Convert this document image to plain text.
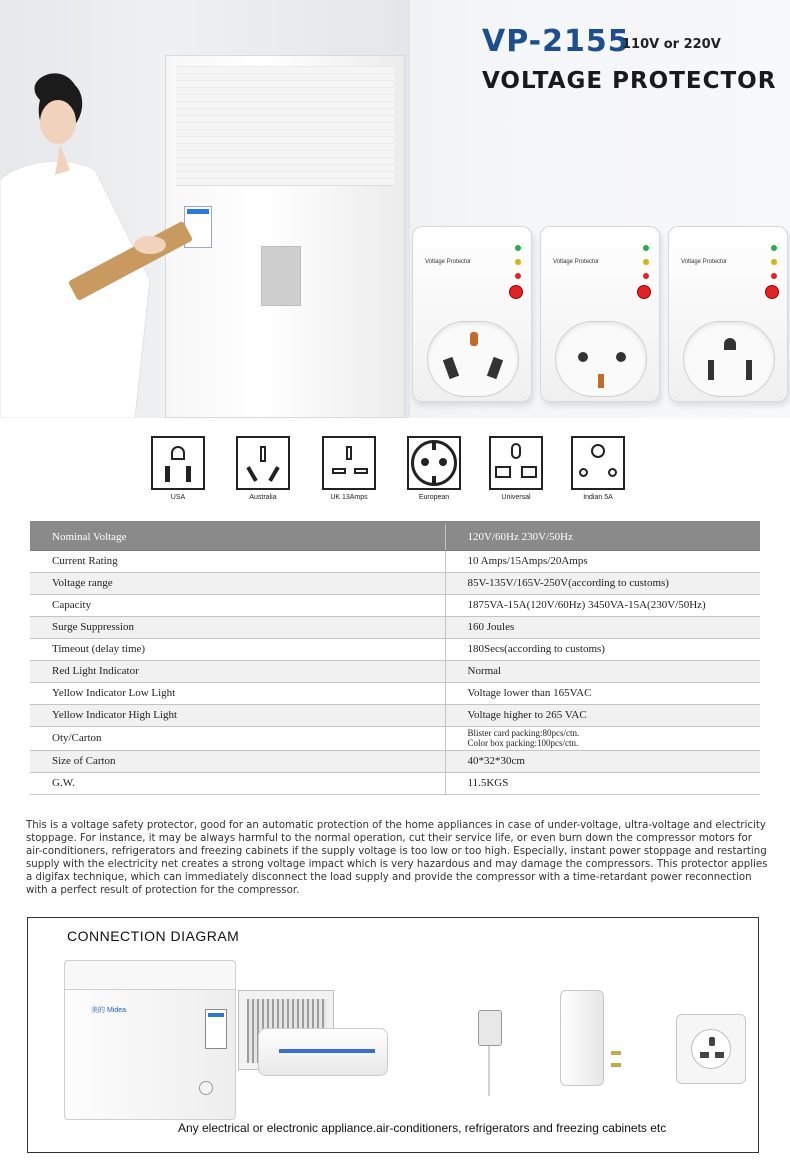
VP-2155
110V or 220V
VOLTAGE PROTECTOR
Voltage Protector	Voltage Protector	Voltage Protector
USA	Australia	UK 13Amps	European	Universal	Indian 5A
Nominal Voltage	120V/60Hz 230V/50Hz
Current Rating	10 Amps/15Amps/20Amps
Voltage range	85V-135V/165V-250V(according to customs)
Capacity	1875VA-15A(120V/60Hz) 3450VA-15A(230V/50Hz)
Surge Suppression	160 Joules
Timeout (delay time)	180Secs(according to customs)
Red Light Indicator	Normal
Yellow Indicator Low Light	Voltage lower than 165VAC
Yellow Indicator High Light	Voltage higher to 265 VAC
Oty/Carton	Blister card packing:80pcs/ctn.
Color box packing:100pcs/ctn.

Size of Carton	40*32*30cm
G.W.	11.5KGS

This is a voltage safety protector, good for an automatic protection of the home appliances in case of under-voltage, ultra-voltage and electricity stoppage. For instance, it may be always harmful to the normal operation, cut their service life, or even burn down the compressor motors for air-conditioners, refrigerators and freezing cabinets if the supply voltage is too low or too high. Especially, instant power stoppage and restarting supply with the electricity net creates a strong voltage impact which is very hazardous and may damage the compressors. This protector applies a digifax technique, which can immediately disconnect the load supply and provide the compressor with a time-retardant power reconnection with a perfect result of protection for the compressor.

CONNECTION DIAGRAM
美的 Midea
Any electrical or electronic appliance.air-conditioners, refrigerators and freezing cabinets etc
